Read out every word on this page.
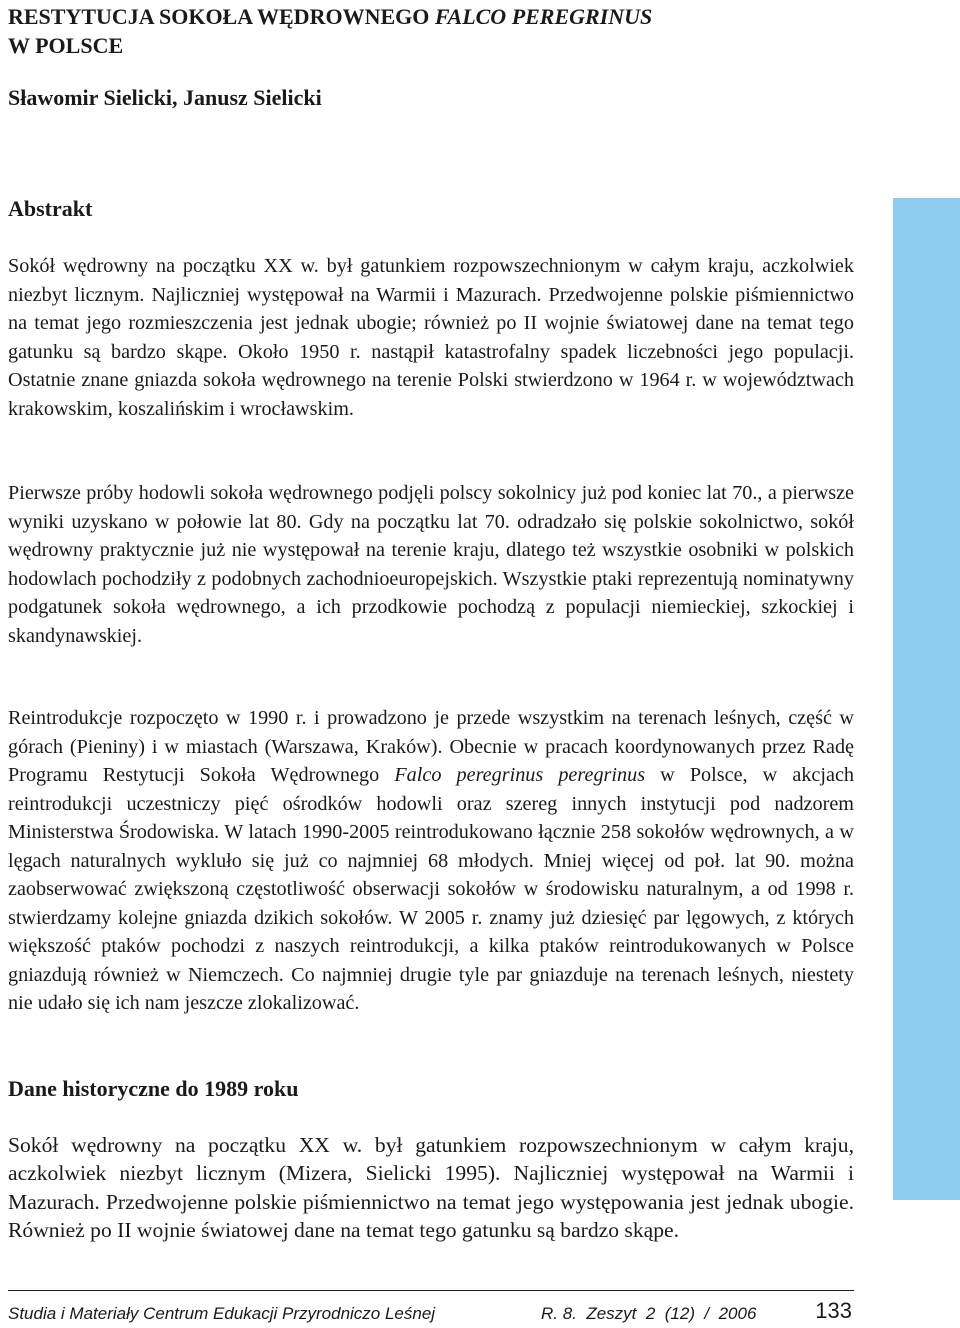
RESTYTUCJA SOKOŁA WĘDROWNEGO FALCO PEREGRINUS
W POLSCE

Sławomir Sielicki, Janusz Sielicki

Abstrakt

Sokół wędrowny na początku XX w. był gatunkiem rozpowszechnionym w całym kraju, aczkolwiek niezbyt licznym. Najliczniej występował na Warmii i Mazurach. Przedwojenne polskie piśmiennictwo na temat jego rozmieszczenia jest jednak ubogie; również po II wojnie światowej dane na temat tego gatunku są bardzo skąpe. Około 1950 r. nastąpił katastrofalny spadek liczebności jego populacji. Ostatnie znane gniazda sokoła wędrownego na terenie Polski stwierdzono w 1964 r. w województwach krakowskim, koszalińskim i wrocławskim.

Pierwsze próby hodowli sokoła wędrownego podjęli polscy sokolnicy już pod koniec lat 70., a pierwsze wyniki uzyskano w połowie lat 80. Gdy na początku lat 70. odradzało się polskie sokolnictwo, sokół wędrowny praktycznie już nie występował na terenie kraju, dlatego też wszystkie osobniki w polskich hodowlach pochodziły z podobnych zachodnioeuropejskich. Wszystkie ptaki reprezentują nominatywny podgatunek sokoła wędrownego, a ich przodkowie pochodzą z populacji niemieckiej, szkockiej i skandynawskiej.

Reintrodukcje rozpoczęto w 1990 r. i prowadzono je przede wszystkim na terenach leśnych, część w górach (Pieniny) i w miastach (Warszawa, Kraków). Obecnie w pracach koordynowanych przez Radę Programu Restytucji Sokoła Wędrownego Falco peregrinus peregrinus w Polsce, w akcjach reintrodukcji uczestniczy pięć ośrodków hodowli oraz szereg innych instytucji pod nadzorem Ministerstwa Środowiska. W latach 1990-2005 reintrodukowano łącznie 258 sokołów wędrownych, a w lęgach naturalnych wykluło się już co najmniej 68 młodych. Mniej więcej od poł. lat 90. można zaobserwować zwiększoną częstotliwość obserwacji sokołów w środowisku naturalnym, a od 1998 r. stwierdzamy kolejne gniazda dzikich sokołów. W 2005 r. znamy już dziesięć par lęgowych, z których większość ptaków pochodzi z naszych reintrodukcji, a kilka ptaków reintrodukowanych w Polsce gniazdują również w Niemczech. Co najmniej drugie tyle par gniazduje na terenach leśnych, niestety nie udało się ich nam jeszcze zlokalizować.

Dane historyczne do 1989 roku

Sokół wędrowny na początku XX w. był gatunkiem rozpowszechnionym w całym kraju, aczkolwiek niezbyt licznym (Mizera, Sielicki 1995). Najliczniej występował na Warmii i Mazurach. Przedwojenne polskie piśmiennictwo na temat jego występowania jest jednak ubogie. Również po II wojnie światowej dane na temat tego gatunku są bardzo skąpe.

Studia i Materiały Centrum Edukacji Przyrodniczo Leśnej	R. 8.  Zeszyt  2  (12)  /  2006	133
